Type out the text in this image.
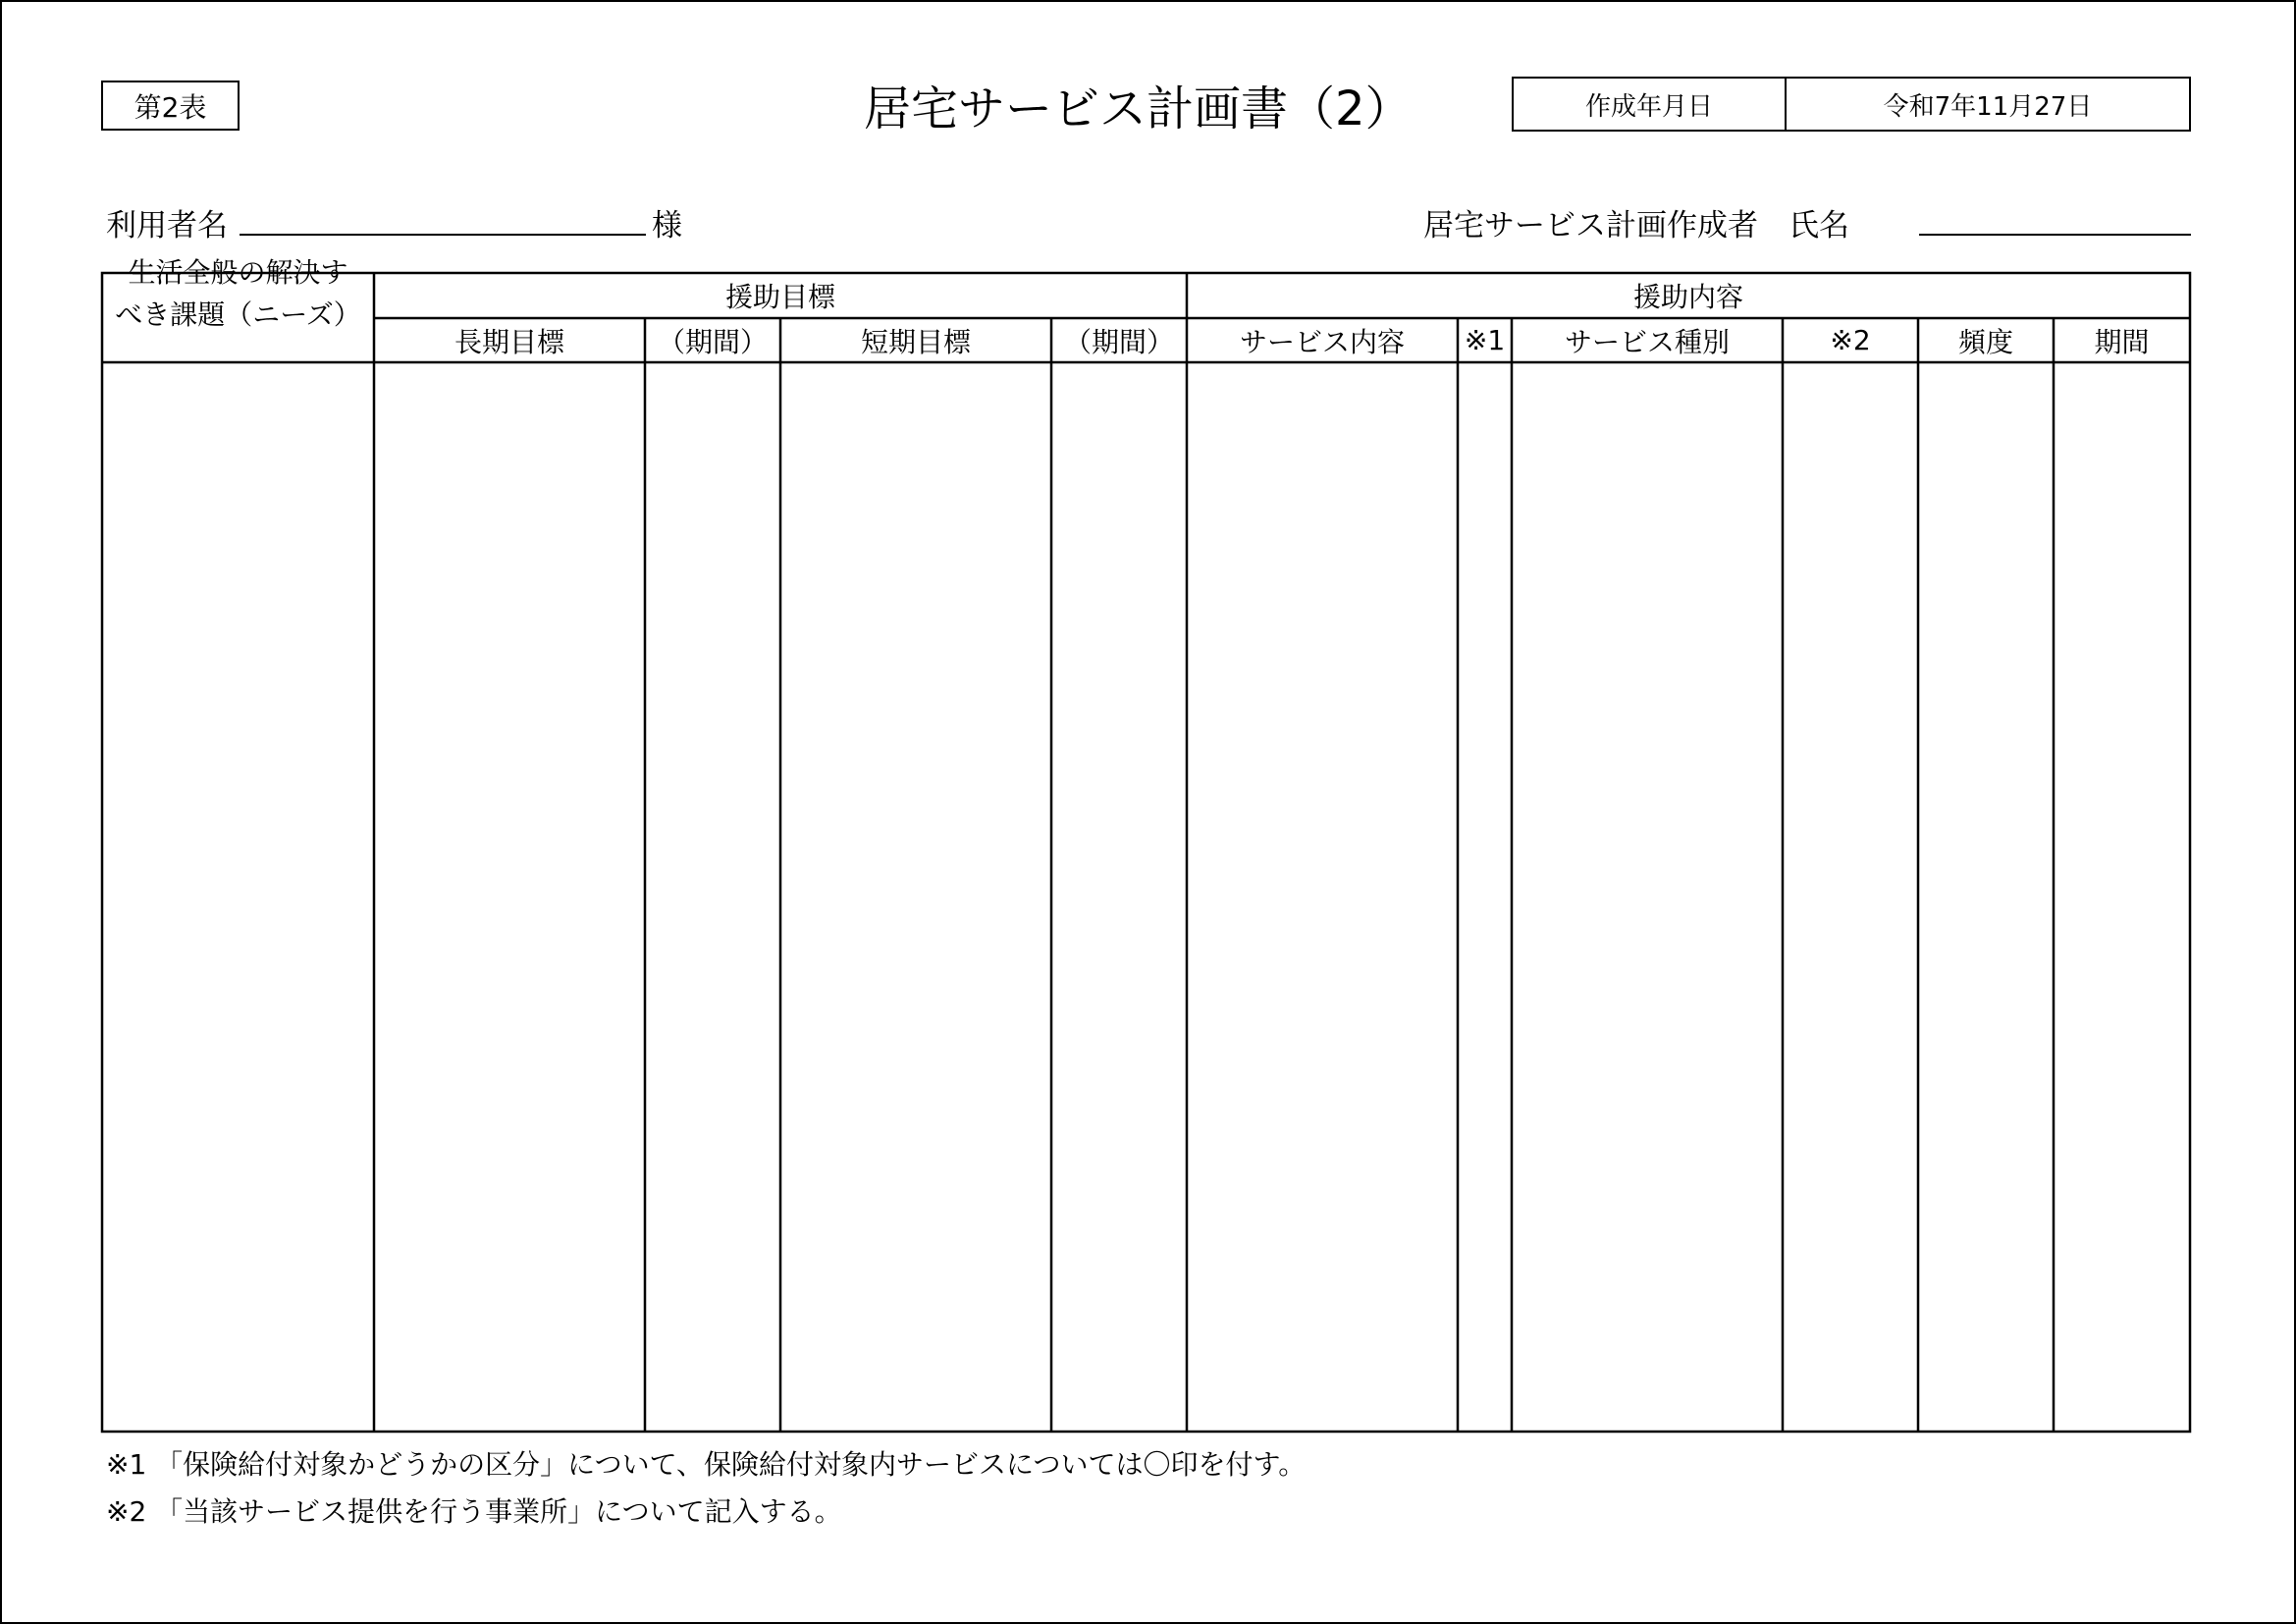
第2表	居宅サービス計画書（2）	作成年月日	令和7年11月27日
利用者名	様	居宅サービス計画作成者　氏名
生活全般の解決す
べき課題（ニーズ）
援助目標	援助内容
長期目標	（期間）	短期目標	（期間）	サービス内容	※1	サービス種別	※2	頻度	期間
※1 「保険給付対象かどうかの区分」について、保険給付対象内サービスについては〇印を付す。
※2 「当該サービス提供を行う事業所」について記入する。
